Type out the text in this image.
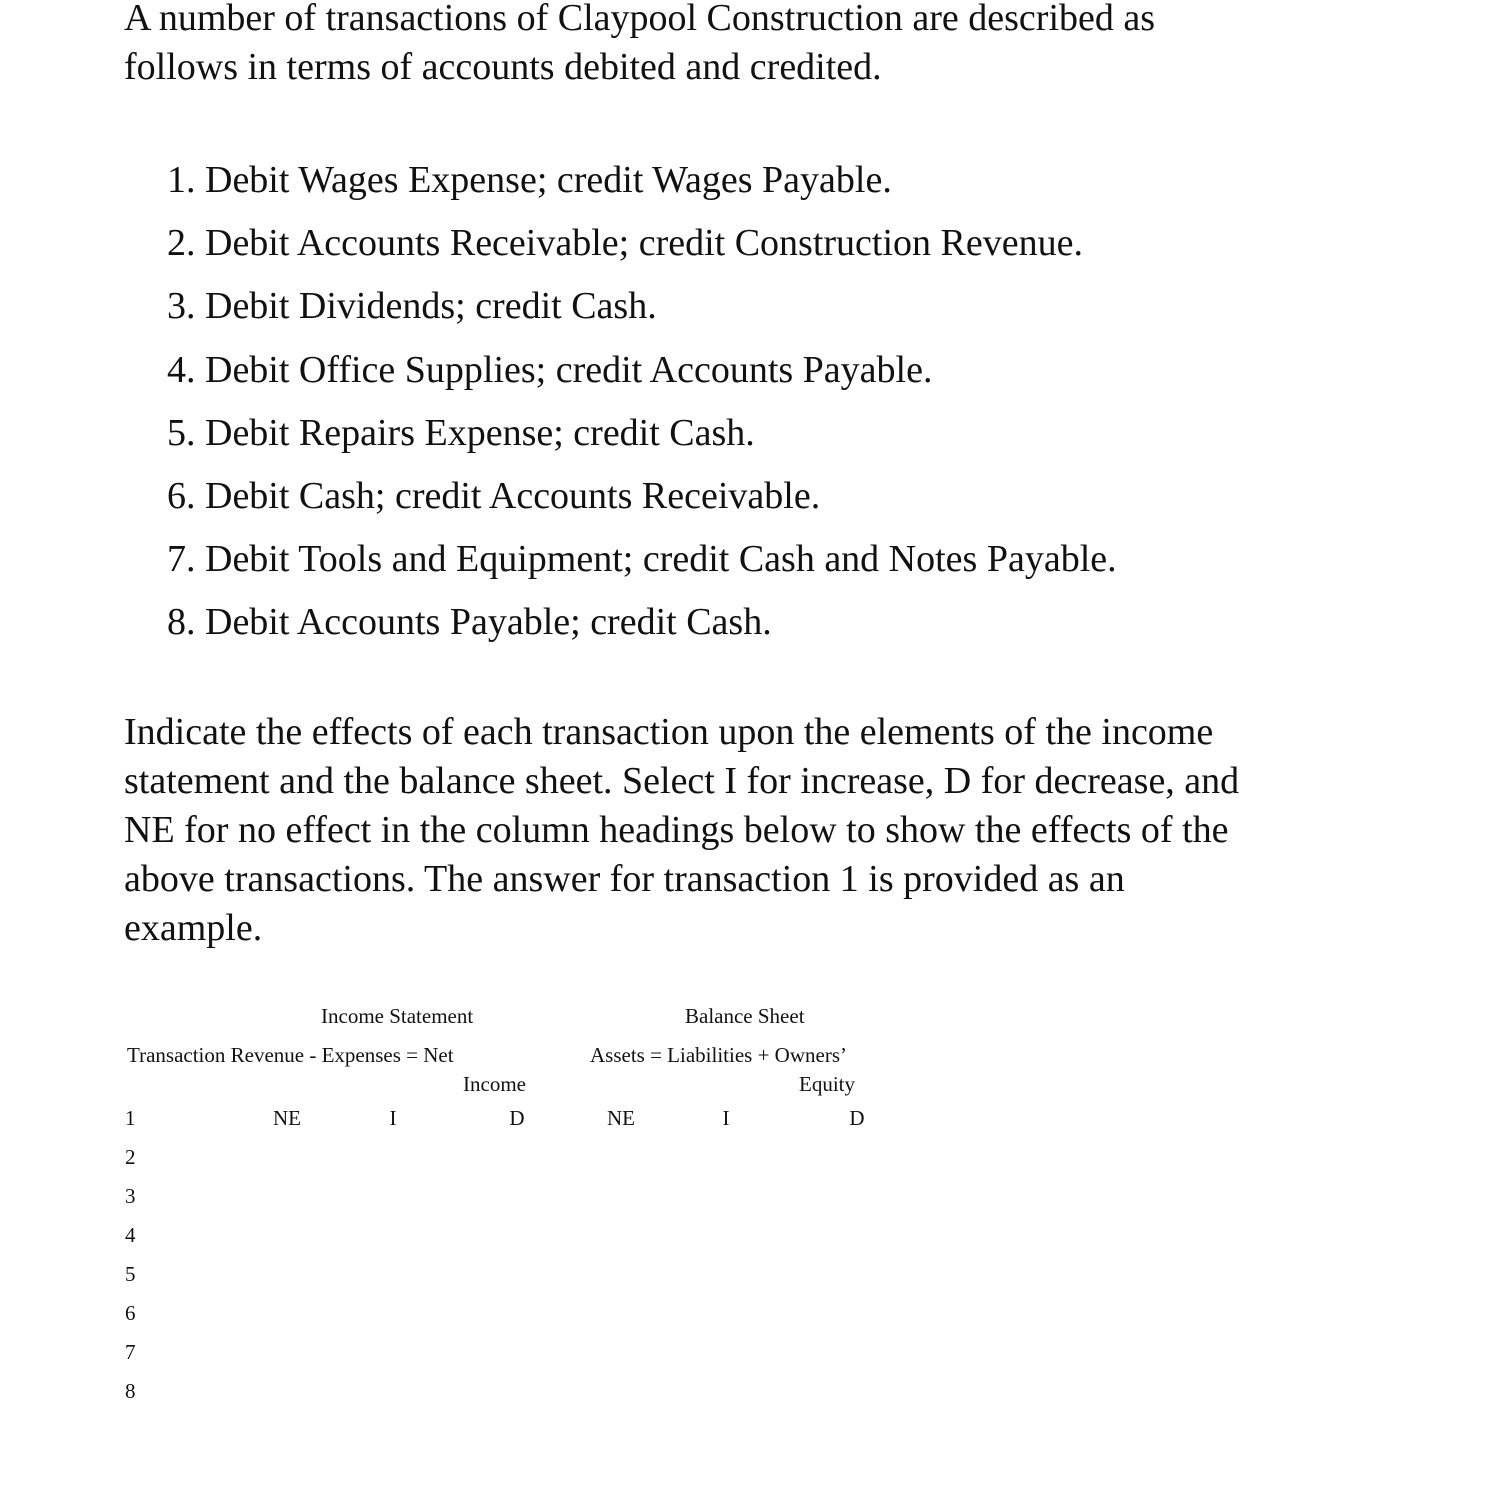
A number of transactions of Claypool Construction are described as follows in terms of accounts debited and credited.

1. Debit Wages Expense; credit Wages Payable.
2. Debit Accounts Receivable; credit Construction Revenue.
3. Debit Dividends; credit Cash.
4. Debit Office Supplies; credit Accounts Payable.
5. Debit Repairs Expense; credit Cash.
6. Debit Cash; credit Accounts Receivable.
7. Debit Tools and Equipment; credit Cash and Notes Payable.
8. Debit Accounts Payable; credit Cash.

Indicate the effects of each transaction upon the elements of the income statement and the balance sheet. Select I for increase, D for decrease, and NE for no effect in the column headings below to show the effects of the above transactions. The answer for transaction 1 is provided as an example.

Income Statement	Balance Sheet
Transaction Revenue - Expenses = Net	Assets = Liabilities + Owners’
Income	Equity
1	NE	I	D	NE	I	D
2
3
4
5
6
7
8
